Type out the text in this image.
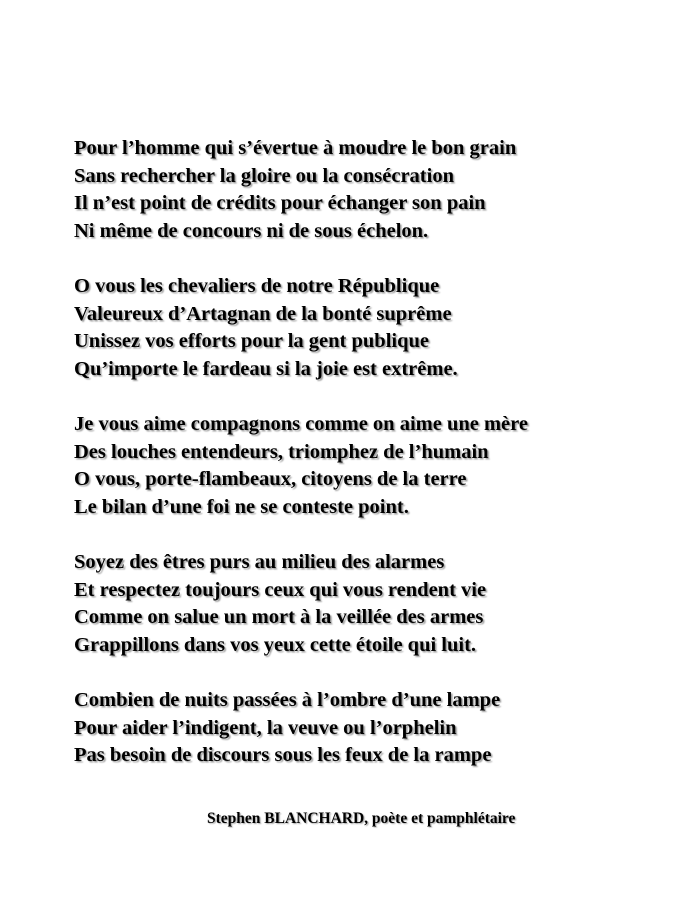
Pour l’homme qui s’évertue à moudre le bon grain
Sans rechercher la gloire ou la consécration
Il n’est point de crédits pour échanger son pain
Ni même de concours ni de sous échelon.
O vous les chevaliers de notre République
Valeureux d’Artagnan de la bonté suprême
Unissez vos efforts pour la gent publique
Qu’importe le fardeau si la joie est extrême.
Je vous aime compagnons comme on aime une mère
Des louches entendeurs, triomphez de l’humain
O vous, porte-flambeaux, citoyens de la terre
Le bilan d’une foi ne se conteste point.
Soyez des êtres purs au milieu des alarmes
Et respectez toujours ceux qui vous rendent vie
Comme on salue un mort à la veillée des armes
Grappillons dans vos yeux cette étoile qui luit.
Combien de nuits passées à l’ombre d’une lampe
Pour aider l’indigent, la veuve ou l’orphelin
Pas besoin de discours sous les feux de la rampe
Stephen BLANCHARD, poète et pamphlétaire
